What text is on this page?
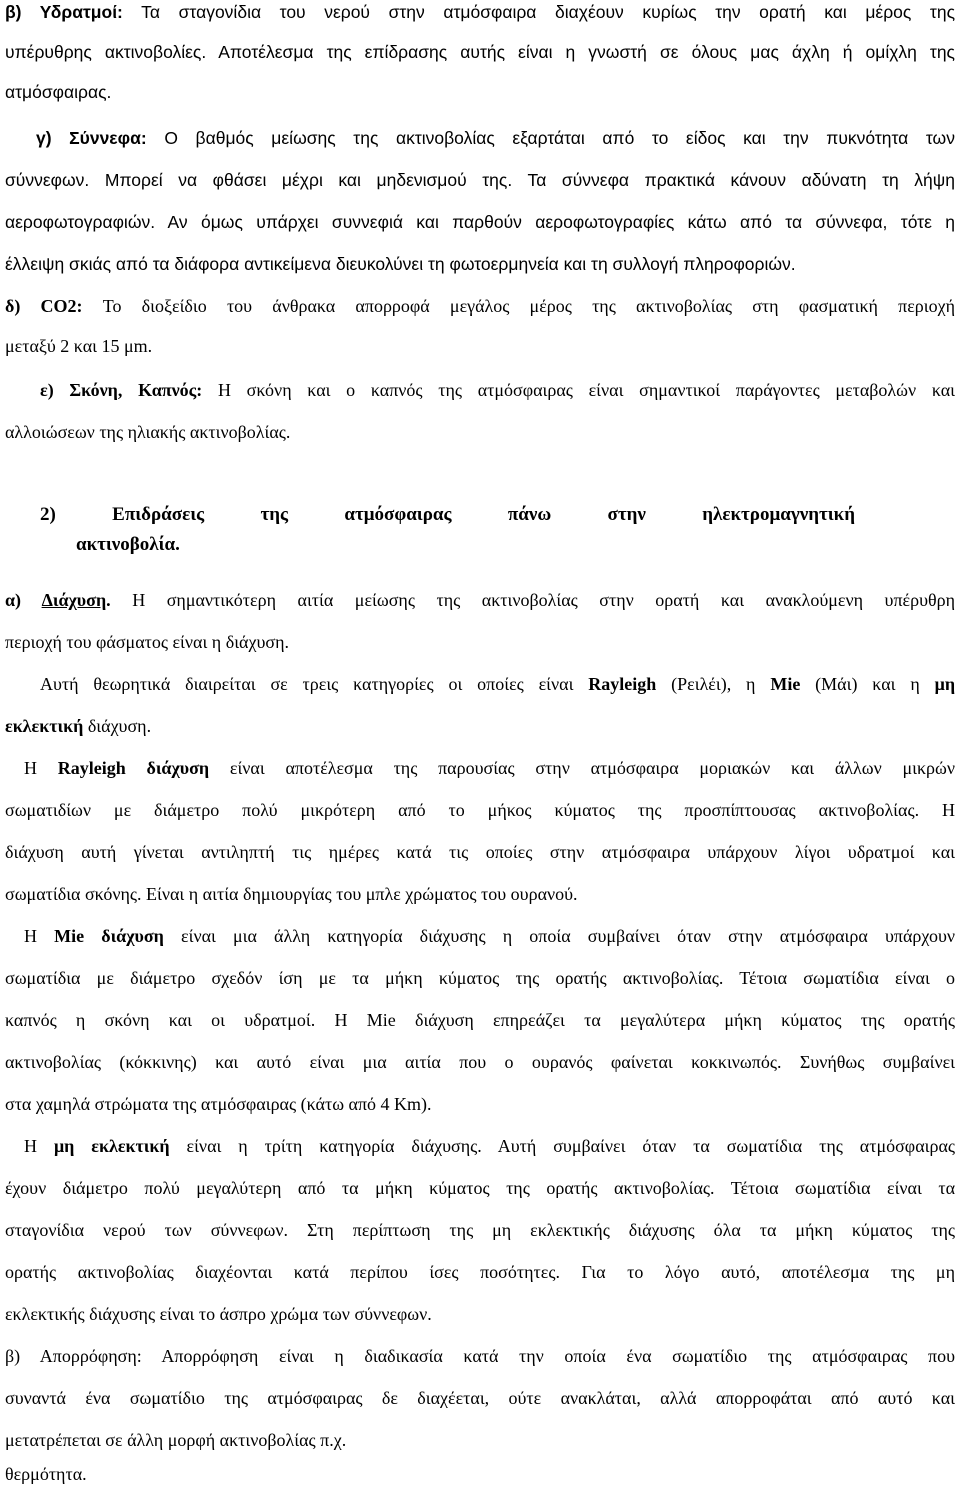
β) Υδρατμοί: Τα σταγονίδια του νερού στην ατμόσφαιρα διαχέουν κυρίως την ορατή και μέρος της

υπέρυθρης ακτινοβολίες. Αποτέλεσμα της επίδρασης αυτής είναι η γνωστή σε όλους μας άχλη ή ομίχλη της

ατμόσφαιρας.

γ) Σύννεφα: Ο βαθμός μείωσης της ακτινοβολίας εξαρτάται από το είδος και την πυκνότητα των

σύννεφων. Μπορεί να φθάσει μέχρι και μηδενισμού της. Τα σύννεφα πρακτικά κάνουν αδύνατη τη λήψη

αεροφωτογραφιών. Αν όμως υπάρχει συννεφιά και παρθούν αεροφωτογραφίες κάτω από τα σύννεφα, τότε η

έλλειψη σκιάς από τα διάφορα αντικείμενα διευκολύνει τη φωτοερμηνεία και τη συλλογή πληροφοριών.

δ) CO2: Το διοξείδιο του άνθρακα απορροφά μεγάλος μέρος της ακτινοβολίας στη φασματική περιοχή

μεταξύ 2 και 15 μm.

ε) Σκόνη, Καπνός: Η σκόνη και ο καπνός της ατμόσφαιρας είναι σημαντικοί παράγοντες μεταβολών και

αλλοιώσεων της ηλιακής ακτινοβολίας.

2) Επιδράσεις της ατμόσφαιρας πάνω στην ηλεκτρομαγνητική

ακτινοβολία.

α) Διάχυση. Η σημαντικότερη αιτία μείωσης της ακτινοβολίας στην ορατή και ανακλούμενη υπέρυθρη

περιοχή του φάσματος είναι η διάχυση.

Αυτή θεωρητικά διαιρείται σε τρεις κατηγορίες οι οποίες είναι Rayleigh (Ρειλέι), η Mie (Μάι) και η μη

εκλεκτική διάχυση.

Η Rayleigh διάχυση είναι αποτέλεσμα της παρουσίας στην ατμόσφαιρα μοριακών και άλλων μικρών

σωματιδίων με διάμετρο πολύ μικρότερη από το μήκος κύματος της προσπίπτουσας ακτινοβολίας. Η

διάχυση αυτή γίνεται αντιληπτή τις ημέρες κατά τις οποίες στην ατμόσφαιρα υπάρχουν λίγοι υδρατμοί και

σωματίδια σκόνης. Είναι η αιτία δημιουργίας του μπλε χρώματος του ουρανού.

Η Mie διάχυση είναι μια άλλη κατηγορία διάχυσης η οποία συμβαίνει όταν στην ατμόσφαιρα υπάρχουν

σωματίδια με διάμετρο σχεδόν ίση με τα μήκη κύματος της ορατής ακτινοβολίας. Τέτοια σωματίδια είναι ο

καπνός η σκόνη και οι υδρατμοί. Η Mie διάχυση επηρεάζει τα μεγαλύτερα μήκη κύματος της ορατής

ακτινοβολίας (κόκκινης) και αυτό είναι μια αιτία που ο ουρανός φαίνεται κοκκινωπός. Συνήθως συμβαίνει

στα χαμηλά στρώματα της ατμόσφαιρας (κάτω από 4 Km).

Η μη εκλεκτική είναι η τρίτη κατηγορία διάχυσης. Αυτή συμβαίνει όταν τα σωματίδια της ατμόσφαιρας

έχουν διάμετρο πολύ μεγαλύτερη από τα μήκη κύματος της ορατής ακτινοβολίας. Τέτοια σωματίδια είναι τα

σταγονίδια νερού των σύννεφων. Στη περίπτωση της μη εκλεκτικής διάχυσης όλα τα μήκη κύματος της

ορατής ακτινοβολίας διαχέονται κατά περίπου ίσες ποσότητες. Για το λόγο αυτό, αποτέλεσμα της μη

εκλεκτικής διάχυσης είναι το άσπρο χρώμα των σύννεφων.

β) Απορρόφηση: Απορρόφηση είναι η διαδικασία κατά την οποία ένα σωματίδιο της ατμόσφαιρας που

συναντά ένα σωματίδιο της ατμόσφαιρας δε διαχέεται, ούτε ανακλάται, αλλά απορροφάται από αυτό και

μετατρέπεται σε άλλη μορφή ακτινοβολίας π.χ.

θερμότητα.
